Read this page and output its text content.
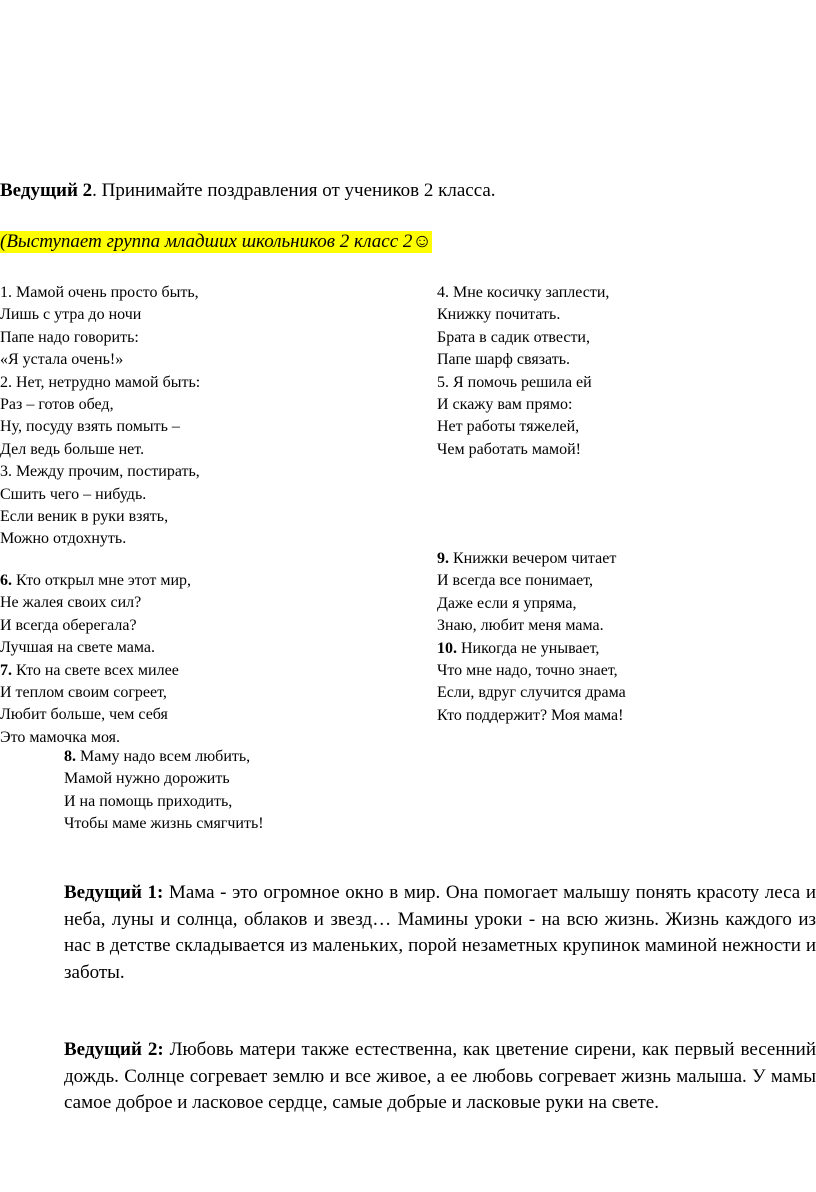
Ведущий 2. Принимайте поздравления от учеников 2 класса.
(Выступает группа младших школьников 2 класс 2☺
1. Мамой очень просто быть,
Лишь с утра до ночи
Папе надо говорить:
«Я устала очень!»
2. Нет, нетрудно мамой быть:
Раз – готов обед,
Ну, посуду взять помыть –
Дел ведь больше нет.
3. Между прочим, постирать,
Сшить чего – нибудь.
Если веник в руки взять,
Можно отдохнуть.
4. Мне косичку заплести,
Книжку почитать.
Брата в садик отвести,
Папе шарф связать.
5. Я помочь решила ей
И скажу вам прямо:
Нет работы тяжелей,
Чем работать мамой!
6. Кто открыл мне этот мир,
Не жалея своих сил?
И всегда оберегала?
Лучшая на свете мама.
7. Кто на свете всех милее
И теплом своим согреет,
Любит больше, чем себя
Это мамочка моя.
9. Книжки вечером читает
И всегда все понимает,
Даже если я упряма,
Знаю, любит меня мама.
10. Никогда не унывает,
Что мне надо, точно знает,
Если, вдруг случится драма
Кто поддержит? Моя мама!
8. Маму надо всем любить,
Мамой нужно дорожить
И на помощь приходить,
Чтобы маме жизнь смягчить!
Ведущий 1: Мама - это огромное окно в мир. Она помогает малышу понять красоту леса и неба, луны и солнца, облаков и звезд… Мамины уроки - на всю жизнь. Жизнь каждого из нас в детстве складывается из маленьких, порой незаметных крупинок маминой нежности и заботы.
Ведущий 2: Любовь матери также естественна, как цветение сирени, как первый весенний дождь. Солнце согревает землю и все живое, а ее любовь согревает жизнь малыша. У мамы самое доброе и ласковое сердце, самые добрые и ласковые руки на свете.
